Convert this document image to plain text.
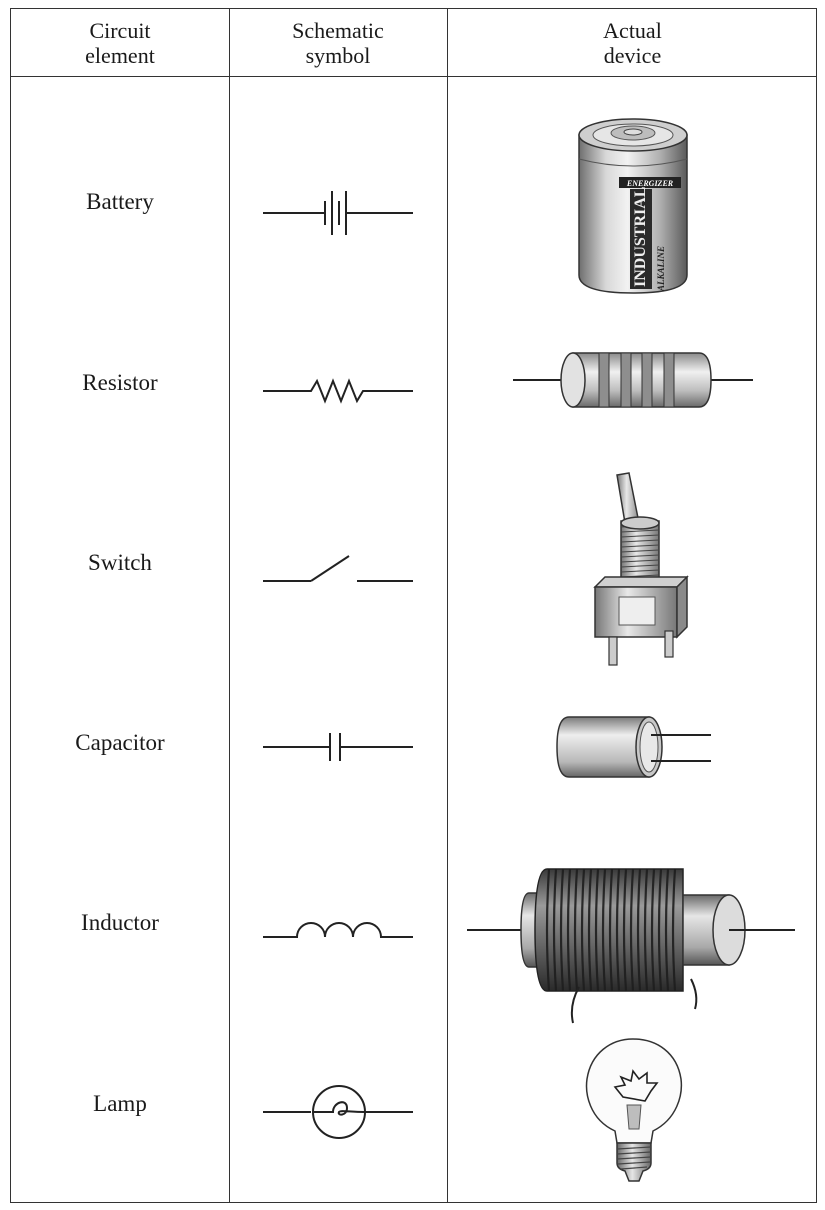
Circuit
element
Schematic
symbol
Actual
device
Battery
Resistor
Switch
Capacitor
Inductor
Lamp
ENERGIZER
INDUSTRIAL ALKALINE
